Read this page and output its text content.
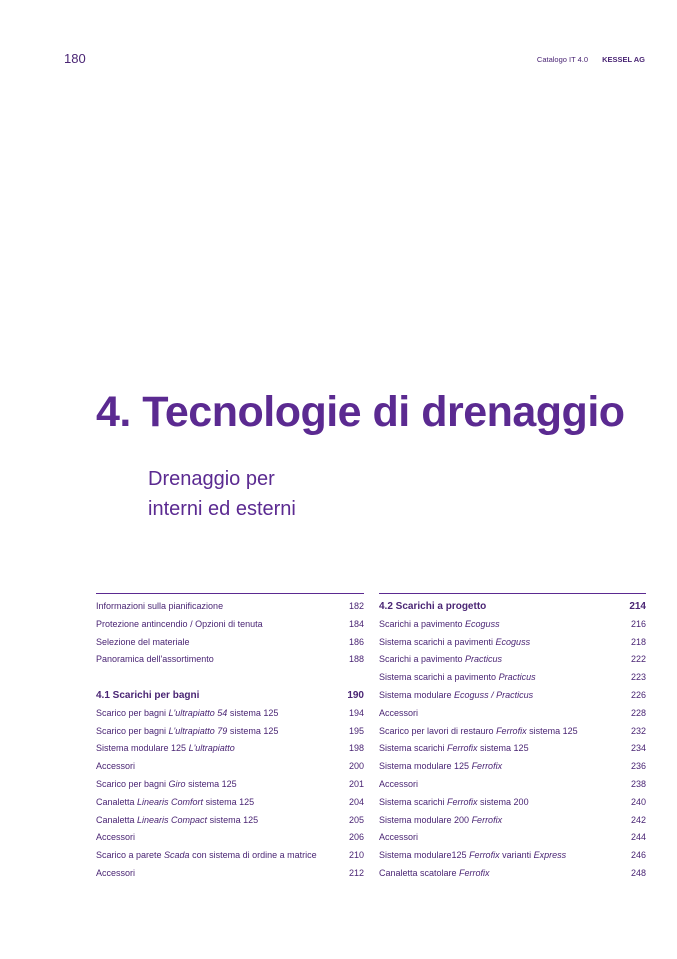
180	Catalogo IT 4.0 KESSEL AG
4. Tecnologie di drenaggio
Drenaggio per
interni ed esterni
Informazioni sulla pianificazione	182
Protezione antincendio / Opzioni di tenuta	184
Selezione del materiale	186
Panoramica dell'assortimento	188
4.1 Scarichi per bagni	190
Scarico per bagni L'ultrapiatto 54 sistema 125	194
Scarico per bagni L'ultrapiatto 79 sistema 125	195
Sistema modulare 125 L'ultrapiatto	198
Accessori	200
Scarico per bagni Giro sistema 125	201
Canaletta Linearis Comfort sistema 125	204
Canaletta Linearis Compact sistema 125	205
Accessori	206
Scarico a parete Scada con sistema di ordine a matrice	210
Accessori	212
4.2 Scarichi a progetto	214
Scarichi a pavimento Ecoguss	216
Sistema scarichi a pavimenti Ecoguss	218
Scarichi a pavimento Practicus	222
Sistema scarichi a pavimento Practicus	223
Sistema modulare Ecoguss / Practicus	226
Accessori	228
Scarico per lavori di restauro Ferrofix sistema 125	232
Sistema scarichi Ferrofix sistema 125	234
Sistema modulare 125 Ferrofix	236
Accessori	238
Sistema scarichi Ferrofix sistema 200	240
Sistema modulare 200 Ferrofix	242
Accessori	244
Sistema modulare125 Ferrofix varianti Express	246
Canaletta scatolare Ferrofix	248
